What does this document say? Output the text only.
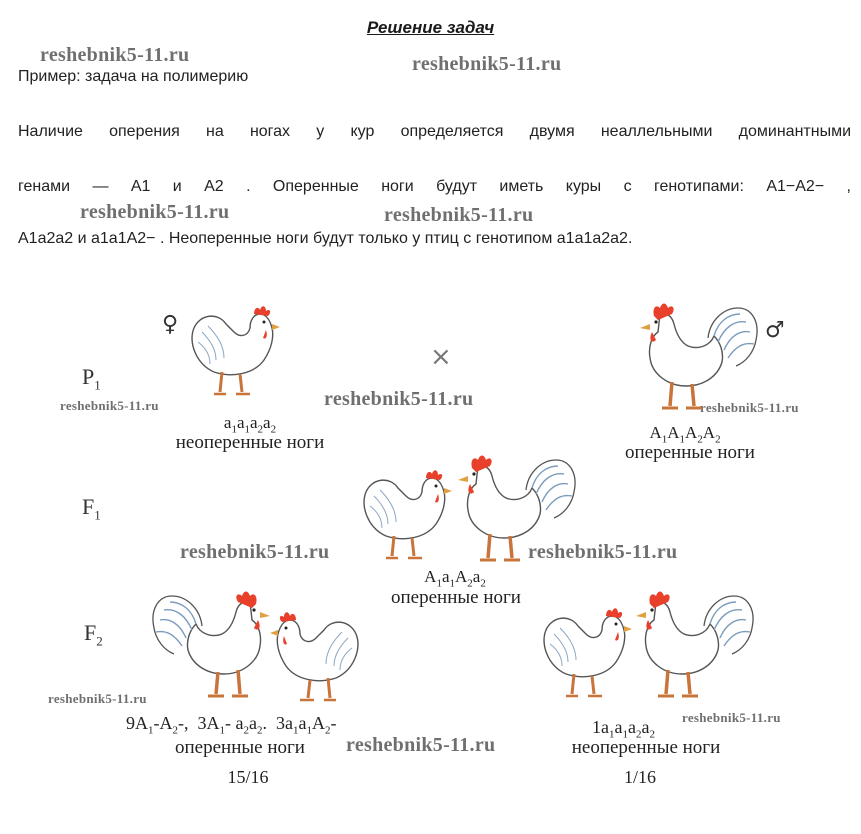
Решение задач
Пример: задача на полимерию
Наличие оперения на ногах у кур определяется двумя неаллельными доминантными
генами — A1 и A2 . Оперенные ноги будут иметь куры с генотипами: A1−A2− ,
A1a2a2 и a1a1A2− . Неоперенные ноги будут только у птиц с генотипом a1a1a2a2.
reshebnik5-11.ru	reshebnik5-11.ru
reshebnik5-11.ru	reshebnik5-11.ru
reshebnik5-11.ru	reshebnik5-11.ru	reshebnik5-11.ru
reshebnik5-11.ru	reshebnik5-11.ru
reshebnik5-11.ru
reshebnik5-11.ru
reshebnik5-11.ru
$P_1$
$F_1$
$F_2$
♀	♂
×
$a_1a_1a_2a_2$
неоперенные ноги	$A_1A_1A_2A_2$
оперенные ноги
$A_1a_1A_2a_2$
оперенные ноги
$9A_1-A_2-$, $3A_1-$ $a_2a_2$. $3a_1a_1A_2-$
оперенные ноги
15/16
$1a_1a_1a_2a_2$
неоперенные ноги
1/16
